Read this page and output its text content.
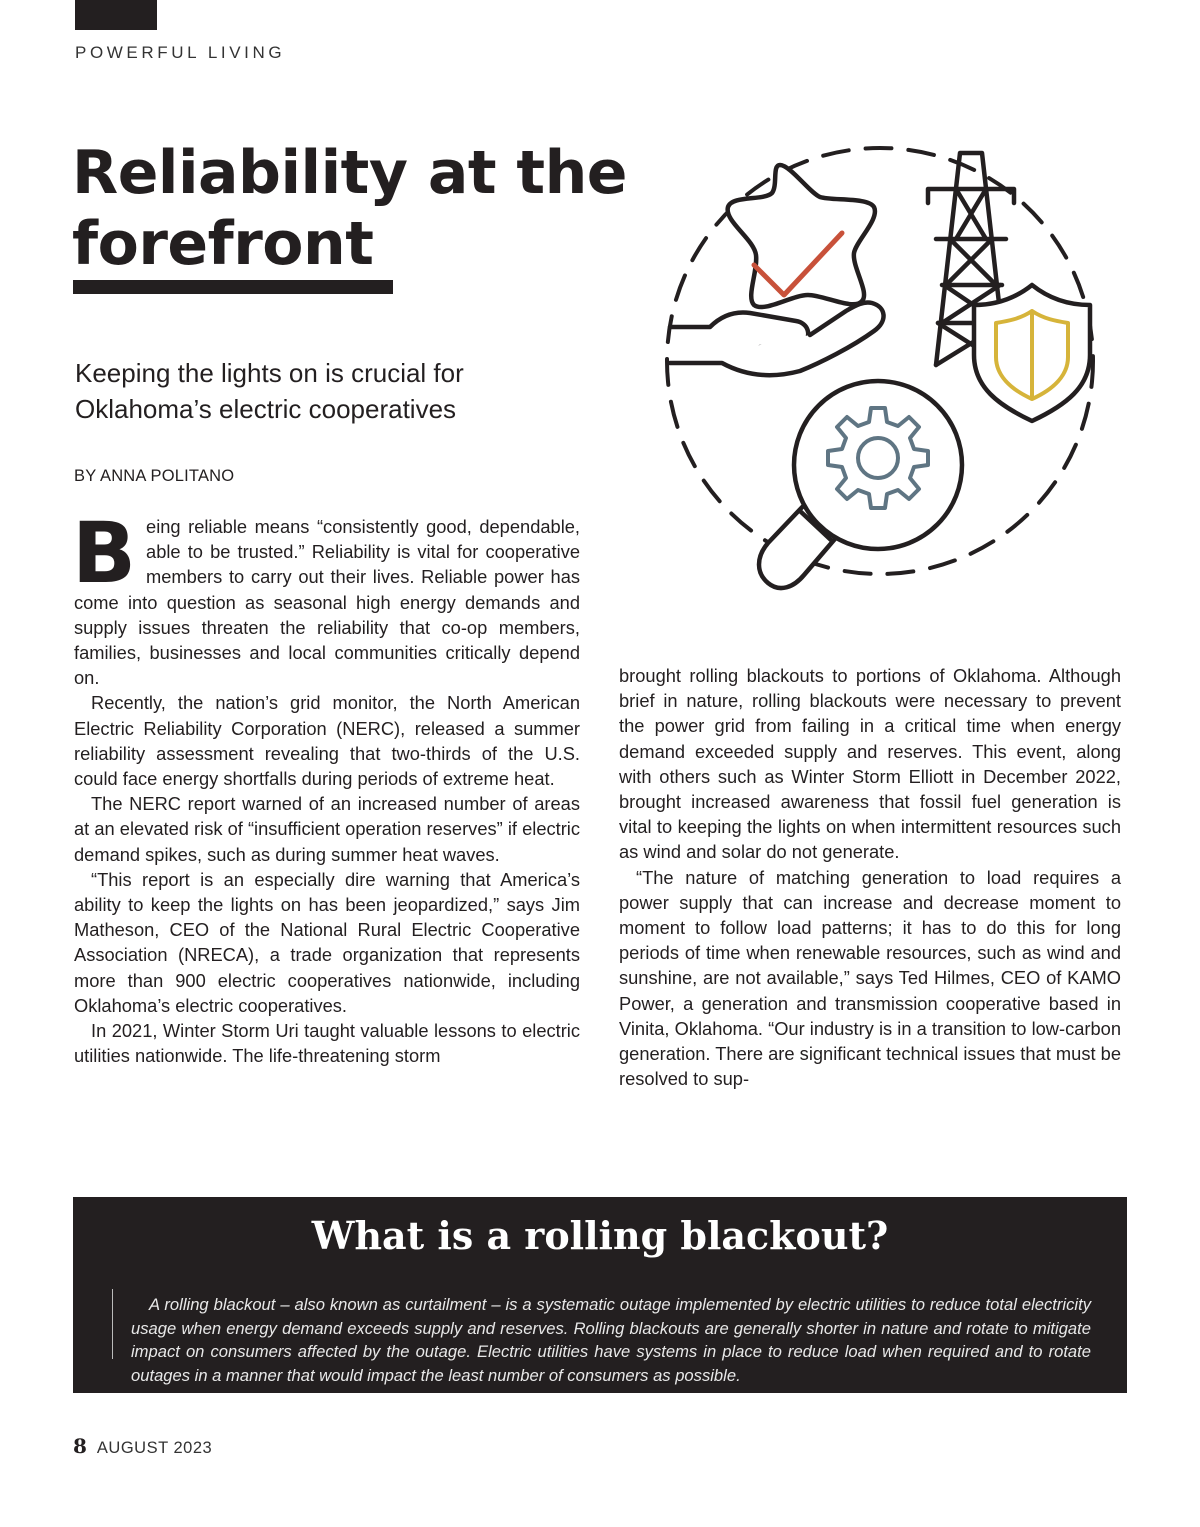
POWERFUL LIVING
Reliability at the forefront
Keeping the lights on is crucial for Oklahoma’s electric cooperatives
BY ANNA POLITANO

Being reliable means “consistently good, dependable, able to be trusted.” Reliability is vital for cooperative members to carry out their lives. Reliable power has come into question as seasonal high energy demands and supply issues threaten the reliability that co-op members, families, businesses and local communities critically depend on.

Recently, the nation’s grid monitor, the North American Electric Reliability Corporation (NERC), released a summer reliability assessment revealing that two-thirds of the U.S. could face energy shortfalls during periods of extreme heat.

The NERC report warned of an increased number of areas at an elevated risk of “insufficient operation reserves” if electric demand spikes, such as during summer heat waves.

“This report is an especially dire warning that America’s ability to keep the lights on has been jeopardized,” says Jim Matheson, CEO of the National Rural Electric Cooperative Association (NRECA), a trade organization that represents more than 900 electric cooperatives nationwide, including Oklahoma’s electric cooperatives.

In 2021, Winter Storm Uri taught valuable lessons to electric utilities nationwide. The life-threatening storm

brought rolling blackouts to portions of Oklahoma. Although brief in nature, rolling blackouts were necessary to prevent the power grid from failing in a critical time when energy demand exceeded supply and reserves. This event, along with others such as Winter Storm Elliott in December 2022, brought increased awareness that fossil fuel generation is vital to keeping the lights on when intermittent resources such as wind and solar do not generate.

“The nature of matching generation to load requires a power supply that can increase and decrease moment to moment to follow load patterns; it has to do this for long periods of time when renewable resources, such as wind and sunshine, are not available,” says Ted Hilmes, CEO of KAMO Power, a generation and transmission cooperative based in Vinita, Oklahoma. “Our industry is in a transition to low-carbon generation. There are significant technical issues that must be resolved to sup-

What is a rolling blackout?

A rolling blackout – also known as curtailment – is a systematic outage implemented by electric utilities to reduce total electricity usage when energy demand exceeds supply and reserves. Rolling blackouts are generally shorter in nature and rotate to mitigate impact on consumers affected by the outage. Electric utilities have systems in place to reduce load when required and to rotate outages in a manner that would impact the least number of consumers as possible.

8 AUGUST 2023
